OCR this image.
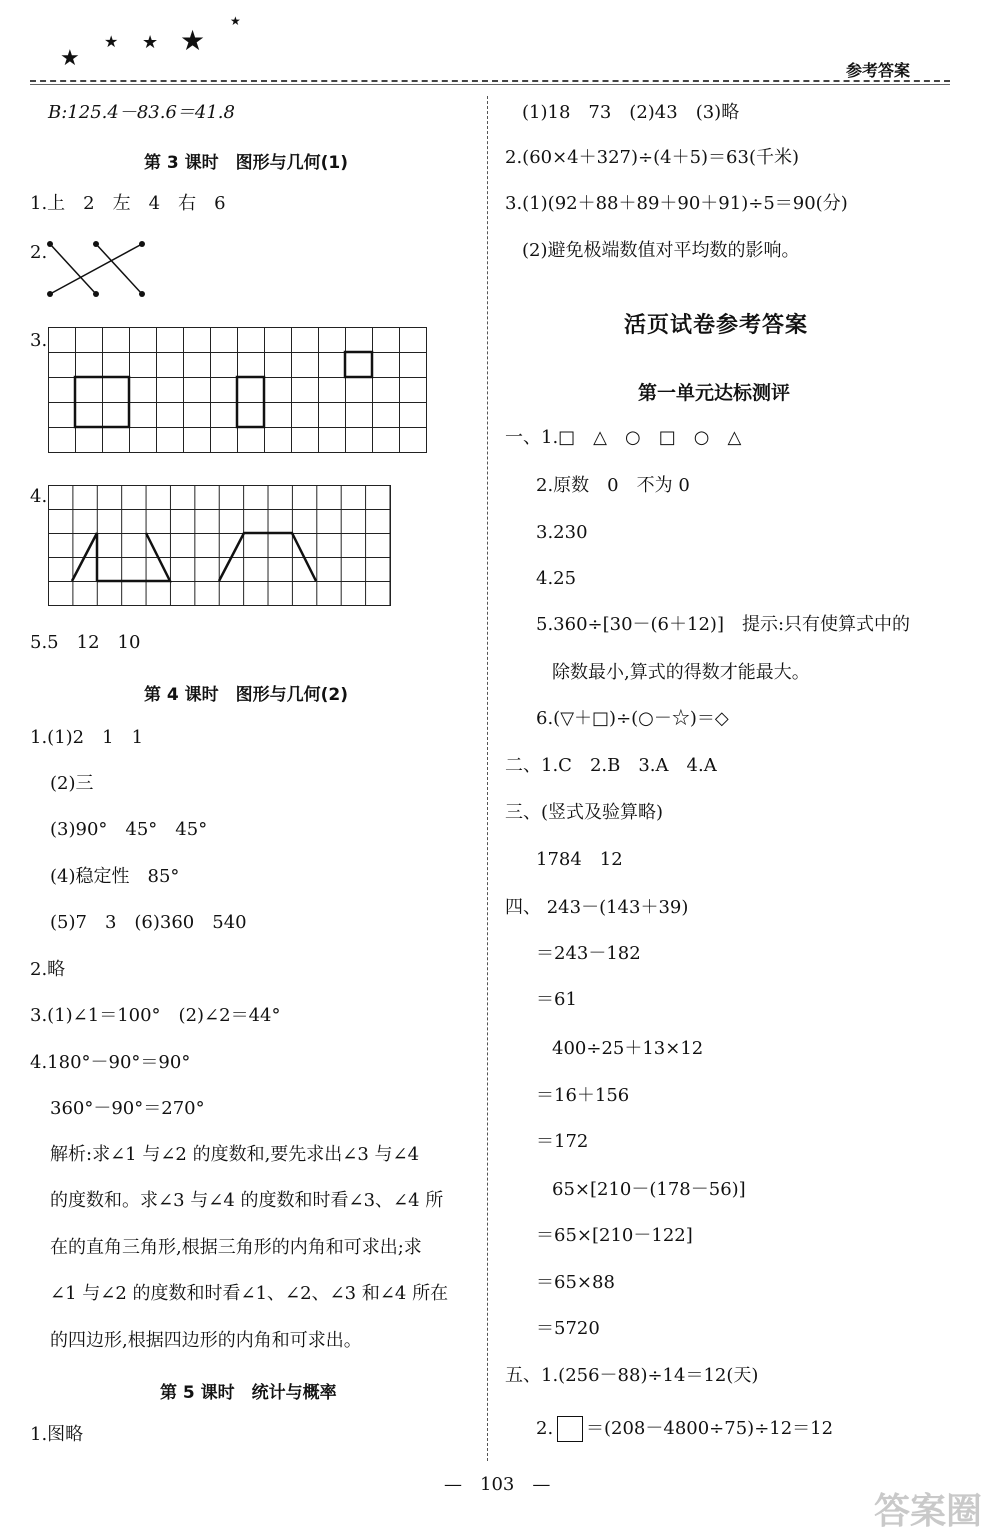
★
★ ★ ★
★
参考答案
B:125.4－83.6＝41.8
第 3 课时　图形与几何(1)
1.上　2　左　4　右　6
2.
3.
4.
5.5　12　10
第 4 课时　图形与几何(2)
1.(1)2　1　1
(2)三
(3)90°　45°　45°
(4)稳定性　85°
(5)7　3　(6)360　540
2.略
3.(1)∠1＝100°　(2)∠2＝44°
4.180°－90°＝90°
360°－90°＝270°
解析:求∠1 与∠2 的度数和,要先求出∠3 与∠4
的度数和。求∠3 与∠4 的度数和时看∠3、∠4 所
在的直角三角形,根据三角形的内角和可求出;求
∠1 与∠2 的度数和时看∠1、∠2、∠3 和∠4 所在
的四边形,根据四边形的内角和可求出。
第 5 课时　统计与概率
1.图略
(1)18　73　(2)43　(3)略
2.(60×4＋327)÷(4＋5)＝63(千米)
3.(1)(92＋88＋89＋90＋91)÷5＝90(分)
(2)避免极端数值对平均数的影响。
活页试卷参考答案
第一单元达标测评
一、1.□　△　○　□　○　△
2.原数　0　不为 0
3.230
4.25
5.360÷[30－(6＋12)]　提示:只有使算式中的
除数最小,算式的得数才能最大。
6.(▽＋□)÷(○－☆)＝◇
二、1.C　2.B　3.A　4.A
三、(竖式及验算略)
1784　12
四、 243－(143＋39)
＝243－182
＝61
400÷25＋13×12
＝16＋156
＝172
65×[210－(178－56)]
＝65×[210－122]
＝65×88
＝5720
五、1.(256－88)÷14＝12(天)
2. ＝(208－4800÷75)÷12＝12
—　103　—
答案圈
